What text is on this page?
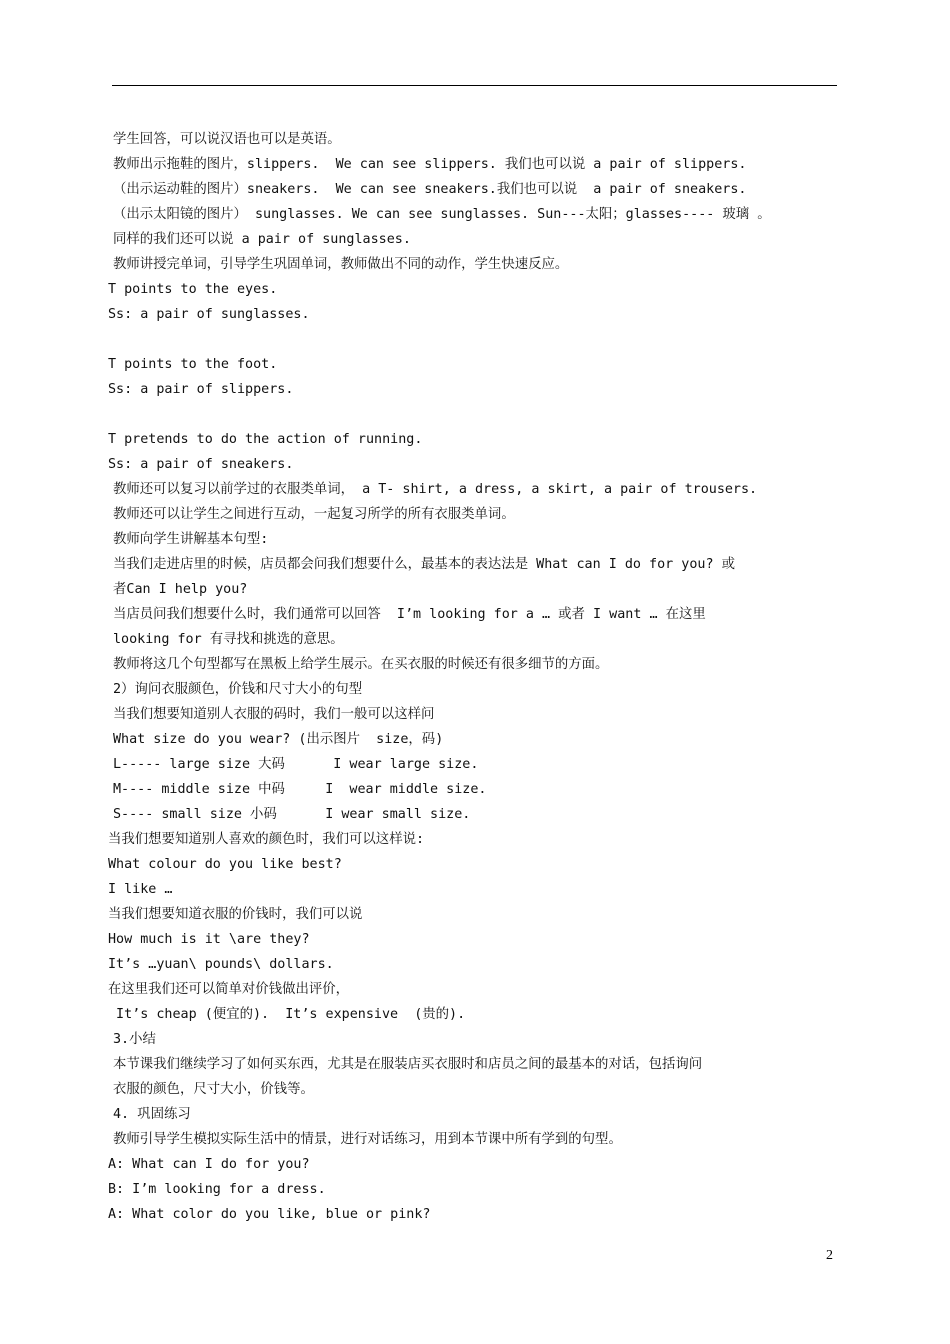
学生回答，可以说汉语也可以是英语。
教师出示拖鞋的图片，slippers.  We can see slippers. 我们也可以说 a pair of slippers.
（出示运动鞋的图片）sneakers.  We can see sneakers.我们也可以说  a pair of sneakers.
（出示太阳镜的图片） sunglasses. We can see sunglasses. Sun---太阳；glasses---- 玻璃 。
同样的我们还可以说 a pair of sunglasses.
教师讲授完单词，引导学生巩固单词，教师做出不同的动作，学生快速反应。
T points to the eyes.
Ss: a pair of sunglasses.
T points to the foot.
Ss: a pair of slippers.
T pretends to do the action of running.
Ss: a pair of sneakers.
教师还可以复习以前学过的衣服类单词， a T- shirt, a dress, a skirt, a pair of trousers.
教师还可以让学生之间进行互动，一起复习所学的所有衣服类单词。
教师向学生讲解基本句型:
当我们走进店里的时候，店员都会问我们想要什么，最基本的表达法是 What can I do for you? 或
者Can I help you?
当店员问我们想要什么时，我们通常可以回答  I’m looking for a … 或者 I want … 在这里
looking for 有寻找和挑选的意思。
教师将这几个句型都写在黑板上给学生展示。在买衣服的时候还有很多细节的方面。
2）询问衣服颜色，价钱和尺寸大小的句型
当我们想要知道别人衣服的码时，我们一般可以这样问
What size do you wear? (出示图片  size，码)
L----- large size 大码      I wear large size.
M---- middle size 中码     I  wear middle size.
S---- small size 小码      I wear small size.
当我们想要知道别人喜欢的颜色时，我们可以这样说:
What colour do you like best?
I like …
当我们想要知道衣服的价钱时，我们可以说
How much is it \are they?
It’s …yuan\ pounds\ dollars.
在这里我们还可以简单对价钱做出评价，
It’s cheap (便宜的).  It’s expensive  (贵的).
3.小结
本节课我们继续学习了如何买东西，尤其是在服装店买衣服时和店员之间的最基本的对话，包括询问
衣服的颜色，尺寸大小，价钱等。
4. 巩固练习
教师引导学生模拟实际生活中的情景，进行对话练习，用到本节课中所有学到的句型。
A: What can I do for you?
B: I’m looking for a dress.
A: What color do you like, blue or pink?
2
